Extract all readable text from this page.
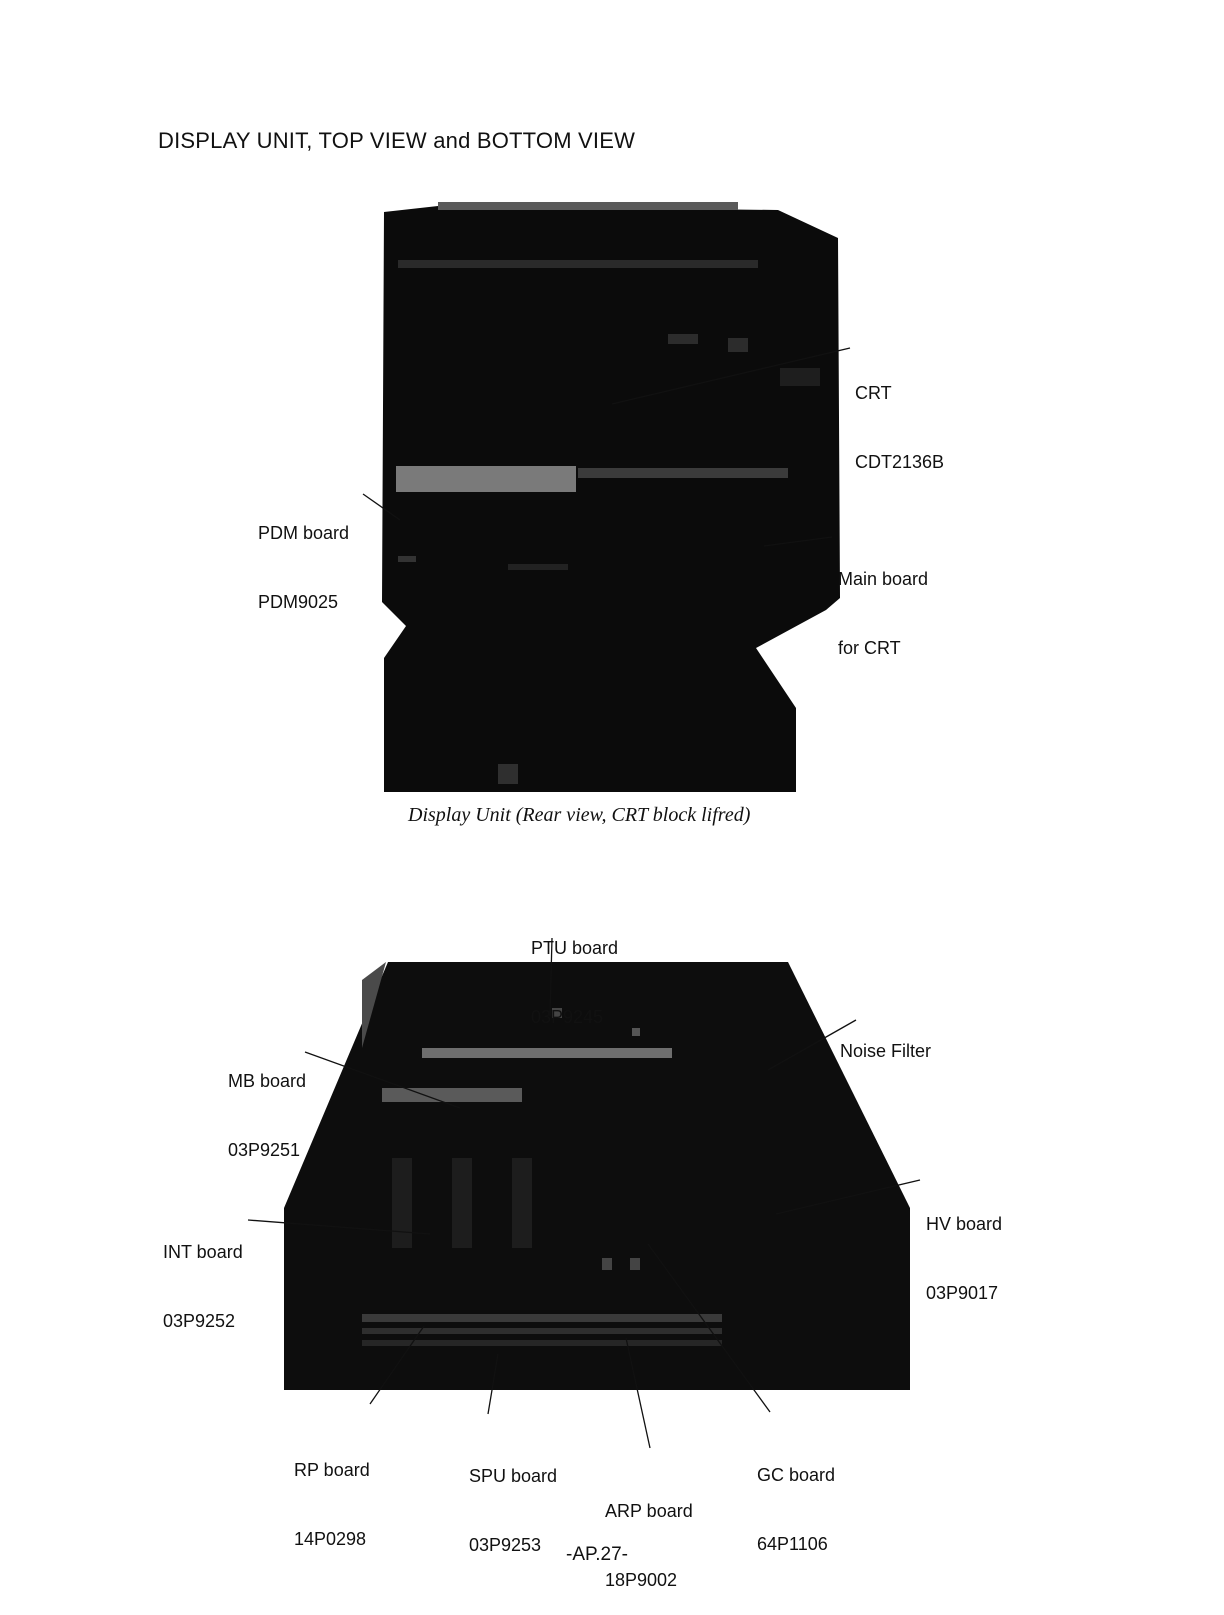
DISPLAY UNIT, TOP VIEW and BOTTOM VIEW

CRT

CDT2136B

PDM board

PDM9025

Main board

for CRT

Display Unit (Rear view, CRT block lifred)

PTU board

03P9245

Noise Filter

MB board

03P9251

HV board

03P9017

INT board

03P9252

RP board

14P0298

SPU board

03P9253

ARP board

18P9002

GC board

64P1106

-AP.27-
